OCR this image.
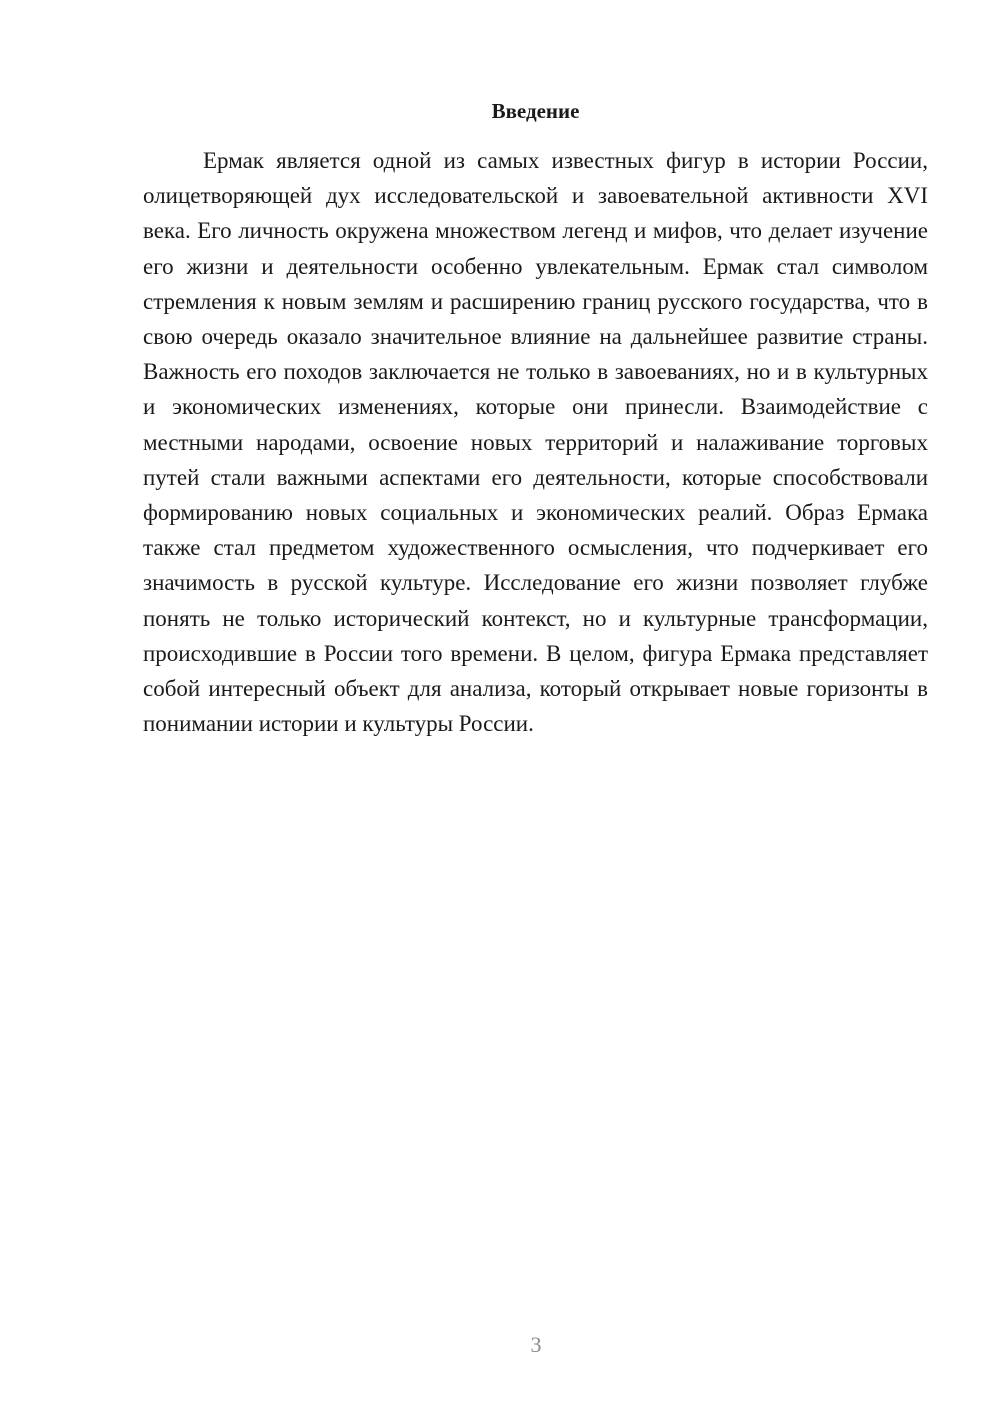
Введение

Ермак является одной из самых известных фигур в истории России, олицетворяющей дух исследовательской и завоевательной активности XVI века. Его личность окружена множеством легенд и мифов, что делает изучение его жизни и деятельности особенно увлекательным. Ермак стал символом стремления к новым землям и расширению границ русского государства, что в свою очередь оказало значительное влияние на дальнейшее развитие страны. Важность его походов заключается не только в завоеваниях, но и в культурных и экономических изменениях, которые они принесли. Взаимодействие с местными народами, освоение новых территорий и налаживание торговых путей стали важными аспектами его деятельности, которые способствовали формированию новых социальных и экономических реалий. Образ Ермака также стал предметом художественного осмысления, что подчеркивает его значимость в русской культуре. Исследование его жизни позволяет глубже понять не только исторический контекст, но и культурные трансформации, происходившие в России того времени. В целом, фигура Ермака представляет собой интересный объект для анализа, который открывает новые горизонты в понимании истории и культуры России.

3
